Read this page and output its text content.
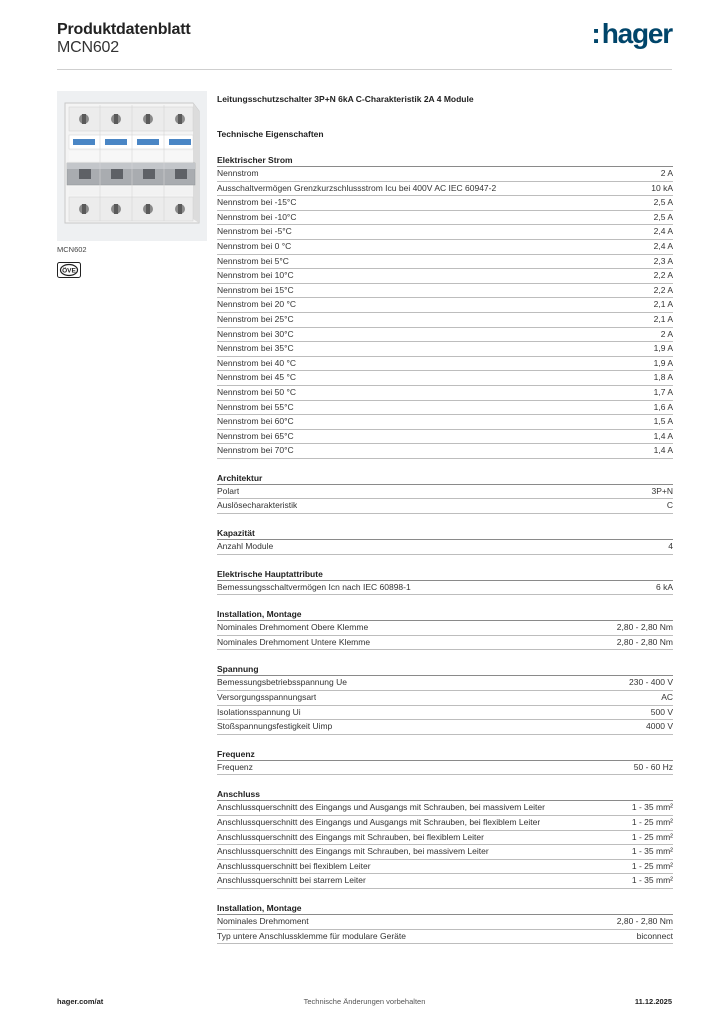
Produktdatenblatt
MCN602	:hager
MCN602
ÖVE
Leitungsschutzschalter 3P+N 6kA C-Charakteristik 2A 4 Module
Technische Eigenschaften
Elektrischer Strom
Nennstrom	2 A
Ausschaltvermögen Grenzkurzschlussstrom Icu bei 400V AC IEC 60947-2	10 kA
Nennstrom bei -15°C	2,5 A
Nennstrom bei -10°C	2,5 A
Nennstrom bei -5°C	2,4 A
Nennstrom bei 0 °C	2,4 A
Nennstrom bei 5°C	2,3 A
Nennstrom bei 10°C	2,2 A
Nennstrom bei 15°C	2,2 A
Nennstrom bei 20 °C	2,1 A
Nennstrom bei 25°C	2,1 A
Nennstrom bei 30°C	2 A
Nennstrom bei 35°C	1,9 A
Nennstrom bei 40 °C	1,9 A
Nennstrom bei 45 °C	1,8 A
Nennstrom bei 50 °C	1,7 A
Nennstrom bei 55°C	1,6 A
Nennstrom bei 60°C	1,5 A
Nennstrom bei 65°C	1,4 A
Nennstrom bei 70°C	1,4 A
Architektur
Polart	3P+N
Auslösecharakteristik	C
Kapazität
Anzahl Module	4
Elektrische Hauptattribute
Bemessungsschaltvermögen Icn nach IEC 60898-1	6 kA
Installation, Montage
Nominales Drehmoment Obere Klemme	2,80 - 2,80 Nm
Nominales Drehmoment Untere Klemme	2,80 - 2,80 Nm
Spannung
Bemessungsbetriebsspannung Ue	230 - 400 V
Versorgungsspannungsart	AC
Isolationsspannung Ui	500 V
Stoßspannungsfestigkeit Uimp	4000 V
Frequenz
Frequenz	50 - 60 Hz
Anschluss
Anschlussquerschnitt des Eingangs und Ausgangs mit Schrauben, bei massivem Leiter	1 - 35 mm²
Anschlussquerschnitt des Eingangs und Ausgangs mit Schrauben, bei flexiblem Leiter	1 - 25 mm²
Anschlussquerschnitt des Eingangs mit Schrauben, bei flexiblem Leiter	1 - 25 mm²
Anschlussquerschnitt des Eingangs mit Schrauben, bei massivem Leiter	1 - 35 mm²
Anschlussquerschnitt bei flexiblem Leiter	1 - 25 mm²
Anschlussquerschnitt bei starrem Leiter	1 - 35 mm²
Installation, Montage
Nominales Drehmoment	2,80 - 2,80 Nm
Typ untere Anschlussklemme für modulare Geräte	biconnect
Technische Änderungen vorbehalten
hager.com/at	11.12.2025
